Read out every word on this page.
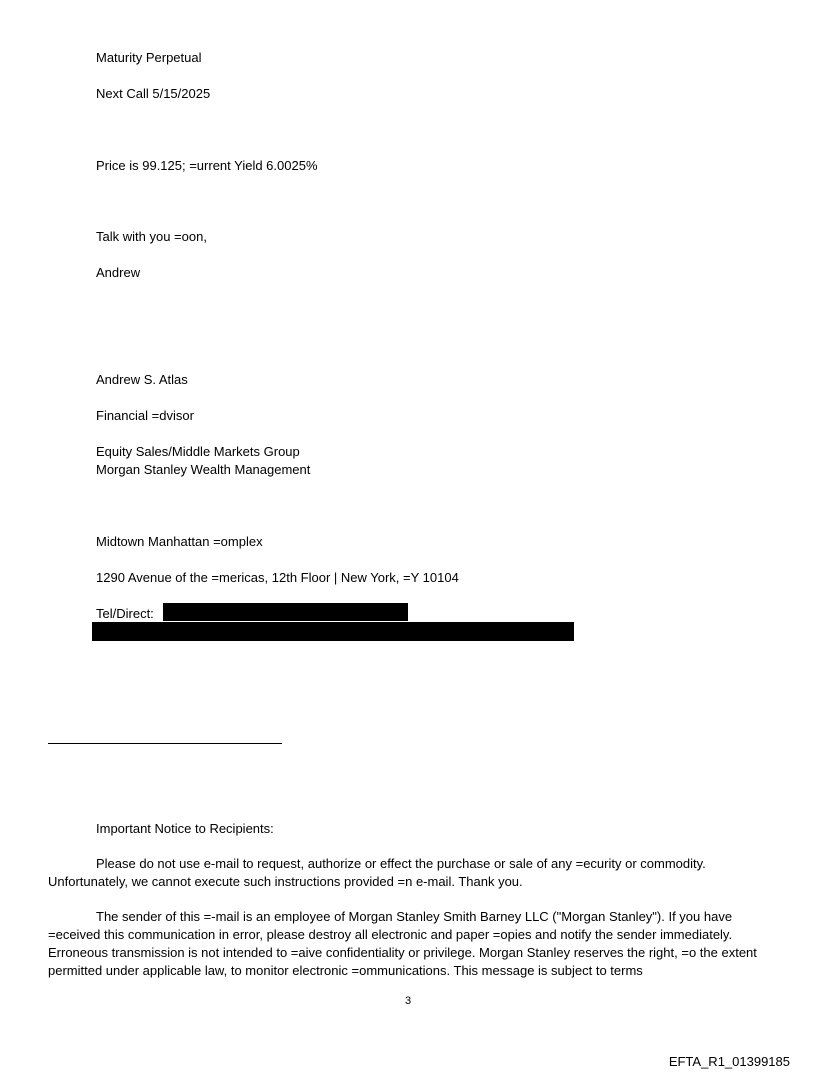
Maturity Perpetual
Next Call 5/15/2025
Price is 99.125; =urrent Yield 6.0025%
Talk with you =oon,
Andrew
Andrew S. Atlas
Financial =dvisor
Equity Sales/Middle Markets Group
Morgan Stanley Wealth Management
Midtown Manhattan =omplex
1290 Avenue of the =mericas, 12th Floor | New York, =Y 10104
Tel/Direct:
Important Notice to Recipients:
Please do not use e-mail to request, authorize or effect the purchase or sale of any =ecurity or commodity. Unfortunately, we cannot execute such instructions provided =n e-mail. Thank you.
The sender of this =-mail is an employee of Morgan Stanley Smith Barney LLC ("Morgan Stanley"). If you have =eceived this communication in error, please destroy all electronic and paper =opies and notify the sender immediately. Erroneous transmission is not intended to =aive confidentiality or privilege. Morgan Stanley reserves the right, =o the extent permitted under applicable law, to monitor electronic =ommunications. This message is subject to terms
3
EFTA_R1_01399185
